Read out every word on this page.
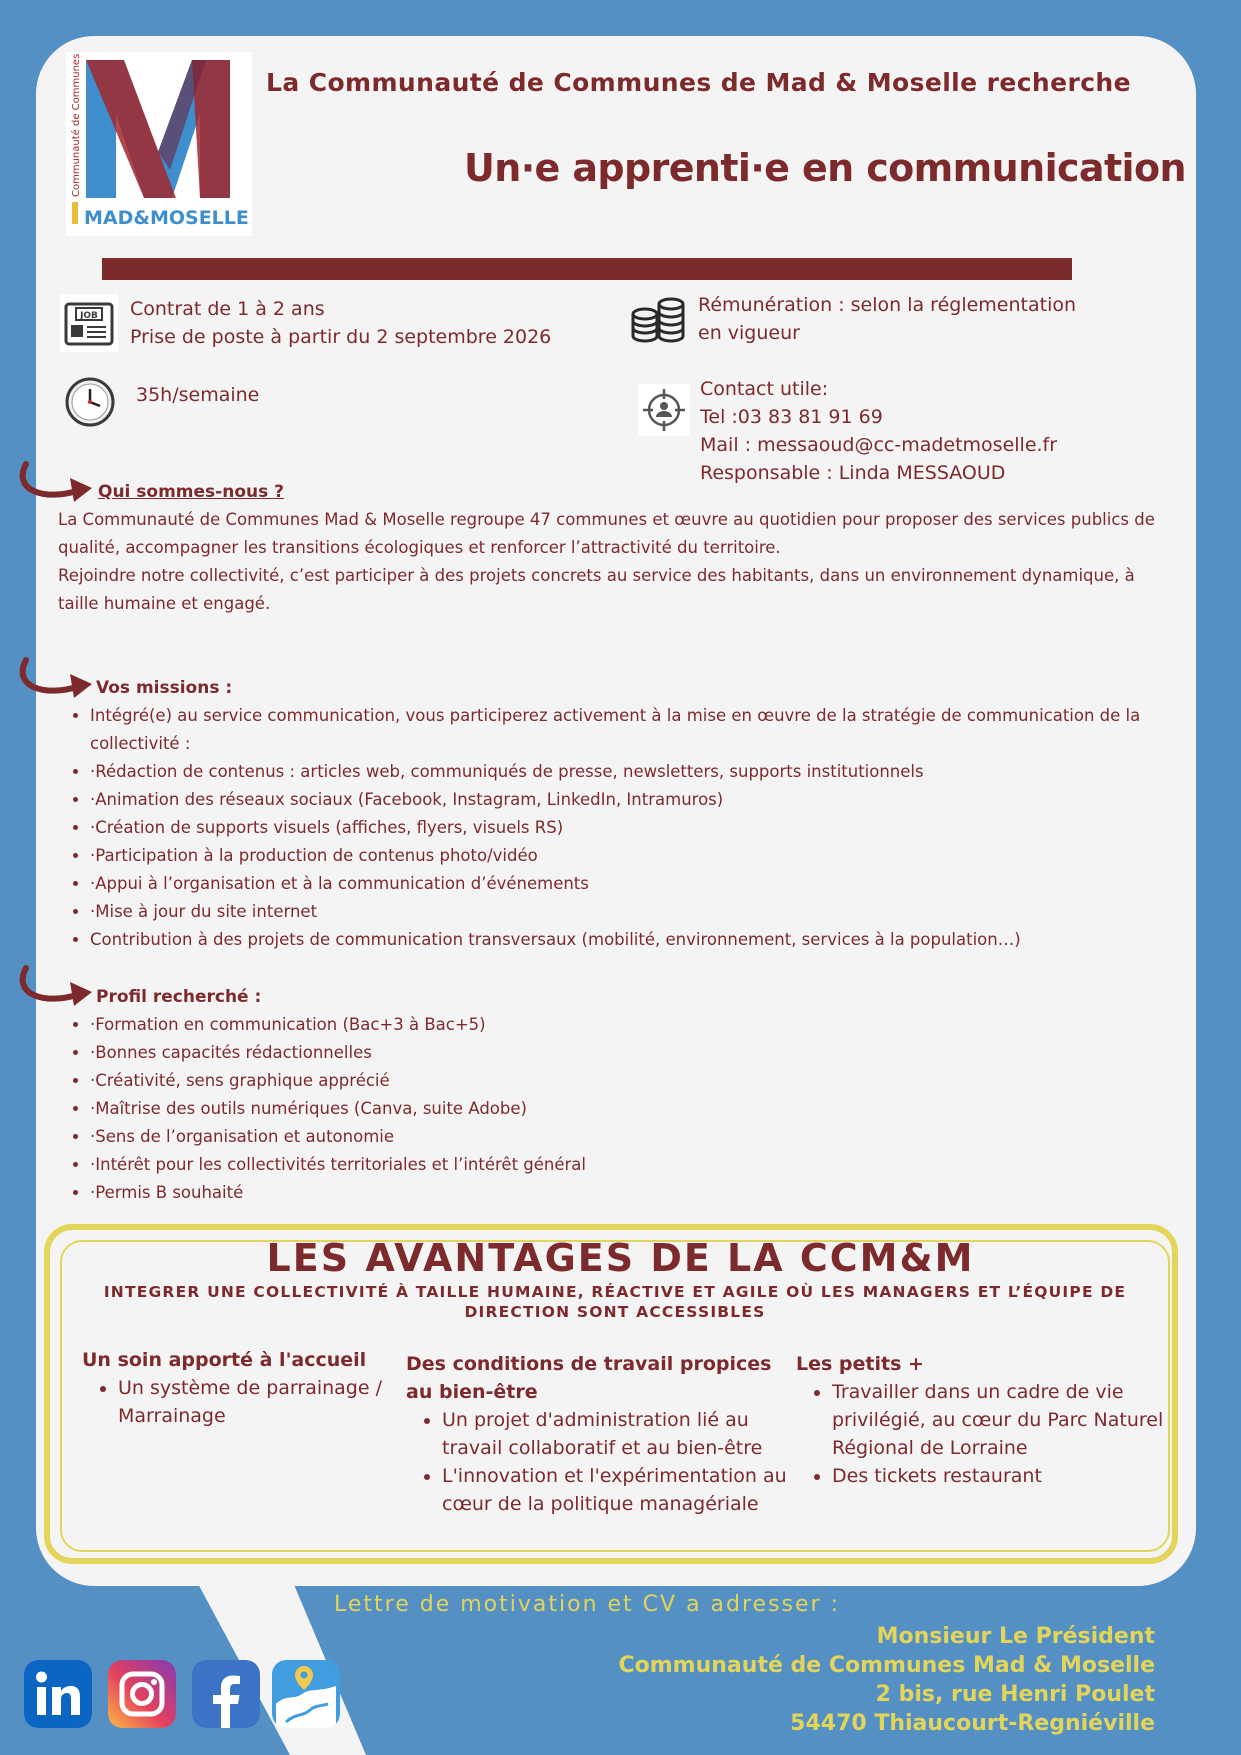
Communauté de Communes
MAD&MOSELLE
La Communauté de Communes de Mad & Moselle recherche
Un·e apprenti·e en communication
JOB Contrat de 1 à 2 ans
Prise de poste à partir du 2 septembre 2026
35h/semaine
Rémunération : selon la réglementation
en vigueur
Contact utile:
Tel :03 83 81 91 69
Mail : messaoud@cc-madetmoselle.fr
Responsable : Linda MESSAOUD
Qui sommes-nous ?

La Communauté de Communes Mad & Moselle regroupe 47 communes et œuvre au quotidien pour proposer des services publics de qualité, accompagner les transitions écologiques et renforcer l’attractivité du territoire.

Rejoindre notre collectivité, c’est participer à des projets concrets au service des habitants, dans un environnement dynamique, à taille humaine et engagé.

Vos missions :
• Intégré(e) au service communication, vous participerez activement à la mise en œuvre de la stratégie de communication de la collectivité :
• ·Rédaction de contenus : articles web, communiqués de presse, newsletters, supports institutionnels
• ·Animation des réseaux sociaux (Facebook, Instagram, LinkedIn, Intramuros)
• ·Création de supports visuels (affiches, flyers, visuels RS)
• ·Participation à la production de contenus photo/vidéo
• ·Appui à l’organisation et à la communication d’événements
• ·Mise à jour du site internet
• Contribution à des projets de communication transversaux (mobilité, environnement, services à la population…)
Profil recherché :
• ·Formation en communication (Bac+3 à Bac+5)
• ·Bonnes capacités rédactionnelles
• ·Créativité, sens graphique apprécié
• ·Maîtrise des outils numériques (Canva, suite Adobe)
• ·Sens de l’organisation et autonomie
• ·Intérêt pour les collectivités territoriales et l’intérêt général
• ·Permis B souhaité
LES AVANTAGES DE LA CCM&M
INTEGRER UNE COLLECTIVITÉ À TAILLE HUMAINE, RÉACTIVE ET AGILE OÙ LES MANAGERS ET L’ÉQUIPE DE DIRECTION SONT ACCESSIBLES
Un soin apporté à l'accueil
• Un système de parrainage / Marrainage
Des conditions de travail propices au bien-être
• Un projet d'administration lié au travail collaboratif et au bien-être
• L'innovation et l'expérimentation au cœur de la politique managériale
Les petits +
• Travailler dans un cadre de vie privilégié, au cœur du Parc Naturel Régional de Lorraine
• Des tickets restaurant
Lettre de motivation et CV a adresser :
Monsieur Le Président
Communauté de Communes Mad & Moselle
2 bis, rue Henri Poulet
54470 Thiaucourt-Regniéville
